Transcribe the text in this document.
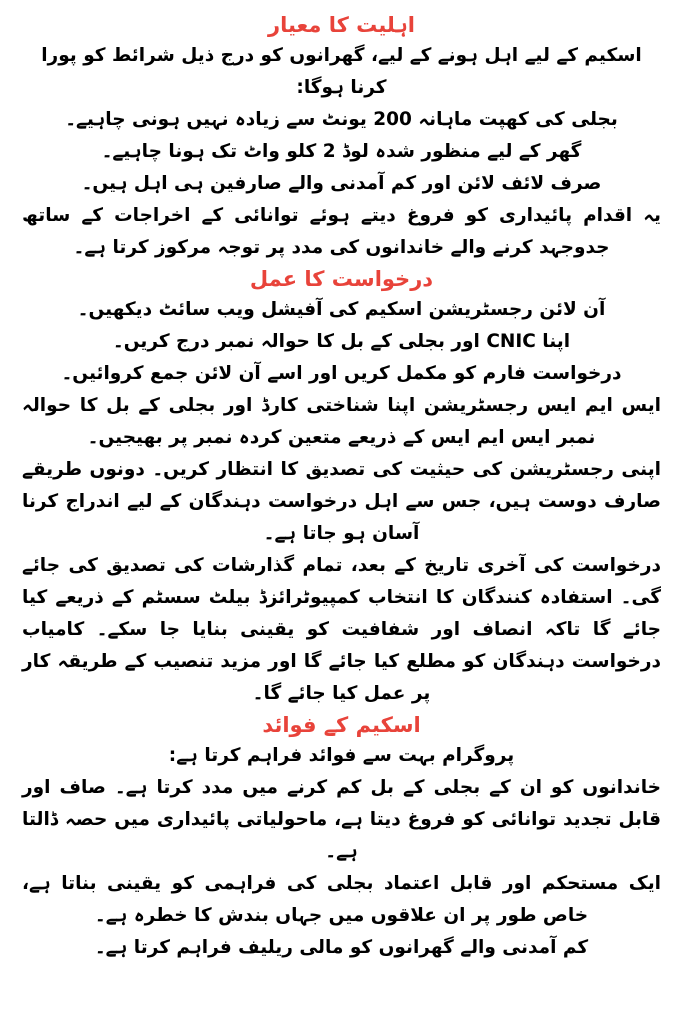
اہلیت کا معیار

اسکیم کے لیے اہل ہونے کے لیے، گھرانوں کو درج ذیل شرائط کو پورا کرنا ہوگا:

بجلی کی کھپت ماہانہ 200 یونٹ سے زیادہ نہیں ہونی چاہیے۔

گھر کے لیے منظور شدہ لوڈ 2 کلو واٹ تک ہونا چاہیے۔

صرف لائف لائن اور کم آمدنی والے صارفین ہی اہل ہیں۔

یہ اقدام پائیداری کو فروغ دیتے ہوئے توانائی کے اخراجات کے ساتھ جدوجہد کرنے والے خاندانوں کی مدد پر توجہ مرکوز کرتا ہے۔

درخواست کا عمل

آن لائن رجسٹریشن اسکیم کی آفیشل ویب سائٹ دیکھیں۔

اپنا CNIC اور بجلی کے بل کا حوالہ نمبر درج کریں۔

درخواست فارم کو مکمل کریں اور اسے آن لائن جمع کروائیں۔

ایس ایم ایس رجسٹریشن اپنا شناختی کارڈ اور بجلی کے بل کا حوالہ نمبر ایس ایم ایس کے ذریعے متعین کردہ نمبر پر بھیجیں۔

اپنی رجسٹریشن کی حیثیت کی تصدیق کا انتظار کریں۔ دونوں طریقے صارف دوست ہیں، جس سے اہل درخواست دہندگان کے لیے اندراج کرنا آسان ہو جاتا ہے۔

درخواست کی آخری تاریخ کے بعد، تمام گذارشات کی تصدیق کی جائے گی۔ استفادہ کنندگان کا انتخاب کمپیوٹرائزڈ بیلٹ سسٹم کے ذریعے کیا جائے گا تاکہ انصاف اور شفافیت کو یقینی بنایا جا سکے۔ کامیاب درخواست دہندگان کو مطلع کیا جائے گا اور مزید تنصیب کے طریقہ کار پر عمل کیا جائے گا۔

اسکیم کے فوائد

پروگرام بہت سے فوائد فراہم کرتا ہے:

خاندانوں کو ان کے بجلی کے بل کم کرنے میں مدد کرتا ہے۔ صاف اور قابل تجدید توانائی کو فروغ دیتا ہے، ماحولیاتی پائیداری میں حصہ ڈالتا ہے۔

ایک مستحکم اور قابل اعتماد بجلی کی فراہمی کو یقینی بناتا ہے، خاص طور پر ان علاقوں میں جہاں بندش کا خطرہ ہے۔

کم آمدنی والے گھرانوں کو مالی ریلیف فراہم کرتا ہے۔
